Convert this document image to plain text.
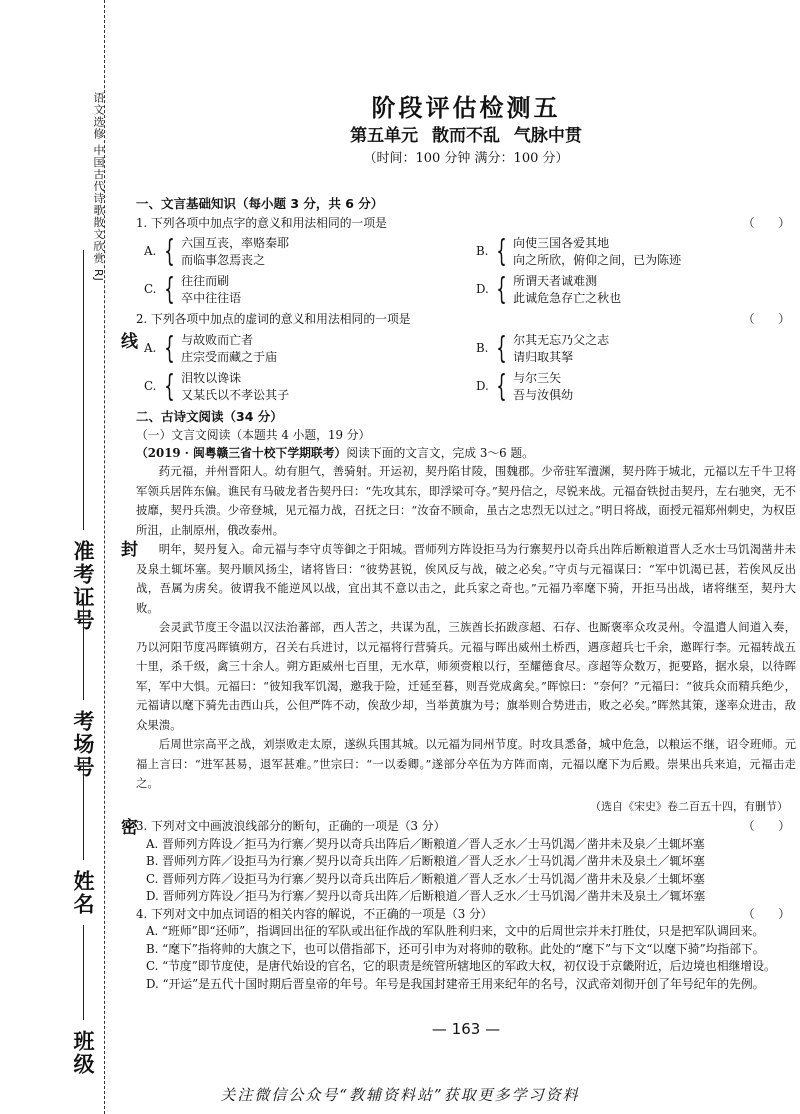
准考证号
考场号
姓名
班级
语文选修 中国古代诗歌散文欣赏 RJ
线
封
密
阶段评估检测五
第五单元 散而不乱 气脉中贯
（时间：100 分钟 满分：100 分）
一、文言基础知识（每小题 3 分，共 6 分）
1. 下列各项中加点字的意义和用法相同的一项是	（　　）
A. { 六国互丧，率赂秦耶
而临事忽焉丧之
B. { 向使三国各爱其地
向之所欣，俯仰之间，已为陈迹
C. { 往往而刷
卒中往往语
D. { 所谓天者诚难测
此诚危急存亡之秋也
2. 下列各项中加点的虚词的意义和用法相同的一项是	（　　）
A. { 与故败而亡者
庄宗受而藏之于庙
B. { 尔其无忘乃父之志
请归取其拏
C. { 泪牧以谗诛
又某氏以不孝讼其子
D. { 与尔三矢
吾与汝俱幼
二、古诗文阅读（34 分）
（一）文言文阅读（本题共 4 小题，19 分）
（2019 · 闽粤赣三省十校下学期联考）阅读下面的文言文，完成 3～6 题。

药元福，并州晋阳人。幼有胆气，善骑射。开运初，契丹陷甘陵，围魏郡。少帝驻军澶渊，契丹阵于城北，元福以左千牛卫将军领兵居阵东偏。谯民有马破龙者告契丹曰：“先攻其东，即浮梁可夺。”契丹信之，尽锐来战。元福奋铁挝击契丹，左右驰突，无不披靡，契丹兵溃。少帝登城，见元福力战，召抚之曰：“汝奋不顾命，虽古之忠烈无以过之。”明日将战，面授元福郑州刺史，为权臣所沮，止制原州，俄改泰州。

明年，契丹复入。命元福与李守贞等御之于阳城。晋师列方阵设拒马为行寨契丹以奇兵出阵后断粮道晋人乏水士马饥渴凿井未及泉土辄坏塞。契丹顺风扬尘，诸将皆曰：“彼势甚锐，俟风反与战，破之必矣。”守贞与元福谋曰：“军中饥渴已甚，若俟风反出战，吾属为虏矣。彼谓我不能逆风以战，宜出其不意以击之，此兵家之奇也。”元福乃率麾下骑，开拒马出战，诸将继至，契丹大败。

会灵武节度王令温以汉法治蕃部，西人苦之，共谋为乱，三族酋长拓跋彦超、石存、也厮褒率众攻灵州。令温遣人间道入奏，乃以河阳节度冯晖镇朔方，召关右兵进讨，以元福将行营骑兵。元福与晖出威州土桥西，遇彦超兵七千余，邀晖行李。元福转战五十里，杀千级，禽三十余人。朔方距威州七百里，无水草，师须赍粮以行，至耀德食尽。彦超等众数万，扼要路，据水泉，以待晖军，军中大惧。元福曰：“彼知我军饥渴，邀我于险，迁延至暮，则吾党成禽矣。”晖惊曰：“奈何？”元福曰：“彼兵众而精兵绝少，元福请以麾下骑先击西山兵，公但严阵不动，俟敌少却，当举黄旗为号；旗举则合势进击，败之必矣。”晖然其策，遂率众进击，敌众果溃。

后周世宗高平之战，刘崇败走太原，遂纵兵围其城。以元福为同州节度。时攻具悉备，城中危急，以粮运不继，诏令班师。元福上言曰：“进军甚易，退军甚难。”世宗曰：“一以委卿。”遂部分卒伍为方阵而南，元福以麾下为后殿。崇果出兵来追，元福击走之。

（选自《宋史》卷二百五十四，有删节）
3. 下列对文中画波浪线部分的断句，正确的一项是（3 分）	（　　）
A. 晋师列方阵设／拒马为行寨／契丹以奇兵出阵后／断粮道／晋人乏水／士马饥渴／凿井未及泉／土辄坏塞
B. 晋师列方阵／设拒马为行寨／契丹以奇兵出阵／后断粮道／晋人乏水／士马饥渴／凿井未及泉土／辄坏塞
C. 晋师列方阵／设拒马为行寨／契丹以奇兵出阵后／断粮道／晋人乏水／士马饥渴／凿井未及泉／土辄坏塞
D. 晋师列方阵设／拒马为行寨／契丹以奇兵出阵／后断粮道／晋人乏水／士马饥渴／凿井未及泉土／辄坏塞
4. 下列对文中加点词语的相关内容的解说，不正确的一项是（3 分）	（　　）
A. “班师”即“还师”，指调回出征的军队或出征作战的军队胜利归来，文中的后周世宗并未打胜仗，只是把军队调回来。
B. “麾下”指将帅的大旗之下，也可以借指部下，还可引申为对将帅的敬称。此处的“麾下”与下文“以麾下骑”均指部下。
C. “节度”即节度使，是唐代始设的官名，它的职责是统管所辖地区的军政大权，初仅设于京畿附近，后边境也相继增设。
D. “开运”是五代十国时期后晋皇帝的年号。年号是我国封建帝王用来纪年的名号，汉武帝刘彻开创了年号纪年的先例。
— 163 —
关注微信公众号“教辅资料站”获取更多学习资料
